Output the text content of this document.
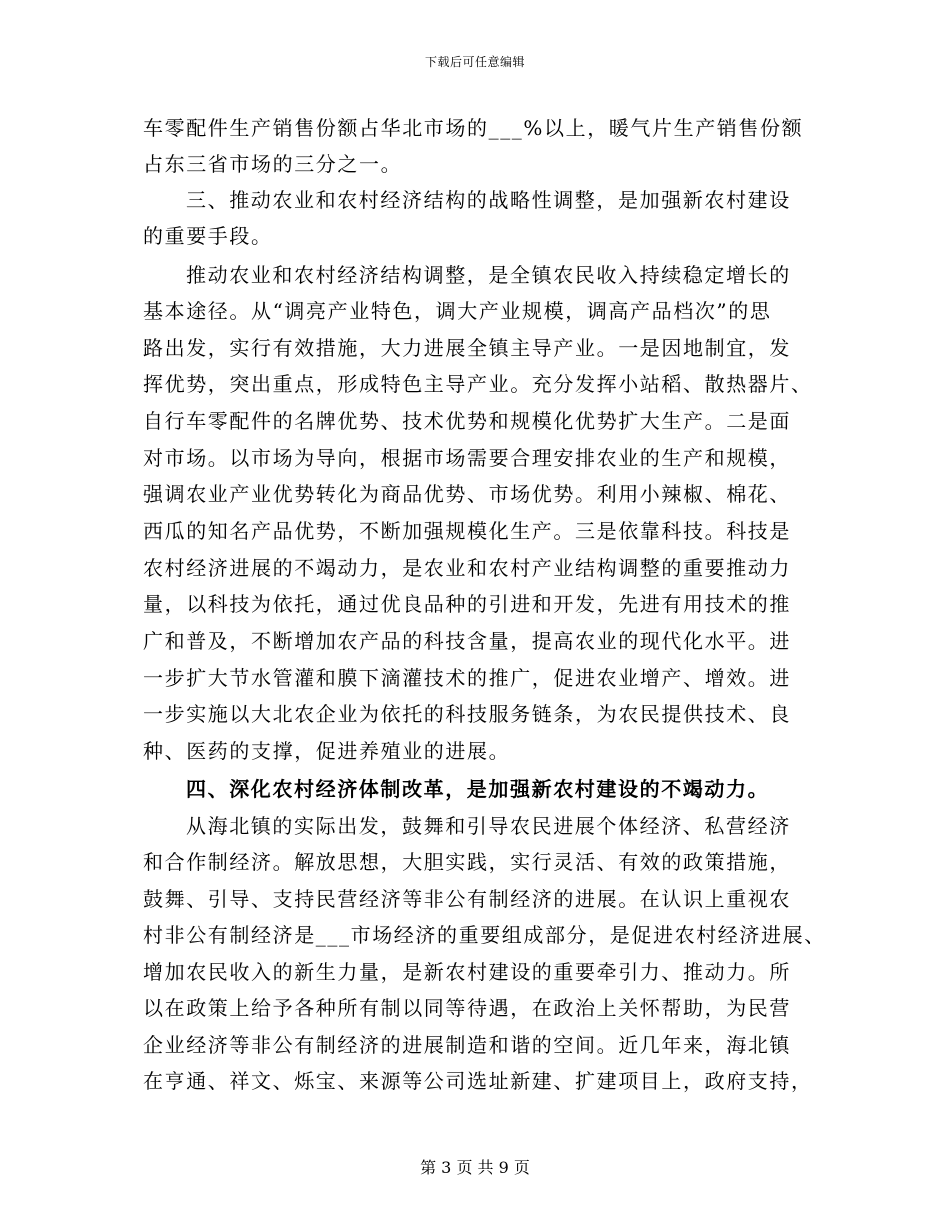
下载后可任意编辑
车零配件生产销售份额占华北市场的___%以上，暖气片生产销售份额
占东三省市场的三分之一。
三、推动农业和农村经济结构的战略性调整，是加强新农村建设
的重要手段。
推动农业和农村经济结构调整，是全镇农民收入持续稳定增长的
基本途径。从“调亮产业特色，调大产业规模，调高产品档次”的思
路出发，实行有效措施，大力进展全镇主导产业。一是因地制宜，发
挥优势，突出重点，形成特色主导产业。充分发挥小站稻、散热器片、
自行车零配件的名牌优势、技术优势和规模化优势扩大生产。二是面
对市场。以市场为导向，根据市场需要合理安排农业的生产和规模，
强调农业产业优势转化为商品优势、市场优势。利用小辣椒、棉花、
西瓜的知名产品优势，不断加强规模化生产。三是依靠科技。科技是
农村经济进展的不竭动力，是农业和农村产业结构调整的重要推动力
量，以科技为依托，通过优良品种的引进和开发，先进有用技术的推
广和普及，不断增加农产品的科技含量，提高农业的现代化水平。进
一步扩大节水管灌和膜下滴灌技术的推广，促进农业增产、增效。进
一步实施以大北农企业为依托的科技服务链条，为农民提供技术、良
种、医药的支撑，促进养殖业的进展。
四、深化农村经济体制改革，是加强新农村建设的不竭动力。
从海北镇的实际出发，鼓舞和引导农民进展个体经济、私营经济
和合作制经济。解放思想，大胆实践，实行灵活、有效的政策措施，
鼓舞、引导、支持民营经济等非公有制经济的进展。在认识上重视农
村非公有制经济是___市场经济的重要组成部分，是促进农村经济进展、
增加农民收入的新生力量，是新农村建设的重要牵引力、推动力。所
以在政策上给予各种所有制以同等待遇，在政治上关怀帮助，为民营
企业经济等非公有制经济的进展制造和谐的空间。近几年来，海北镇
在亨通、祥文、烁宝、来源等公司选址新建、扩建项目上，政府支持，
第 3 页 共 9 页
